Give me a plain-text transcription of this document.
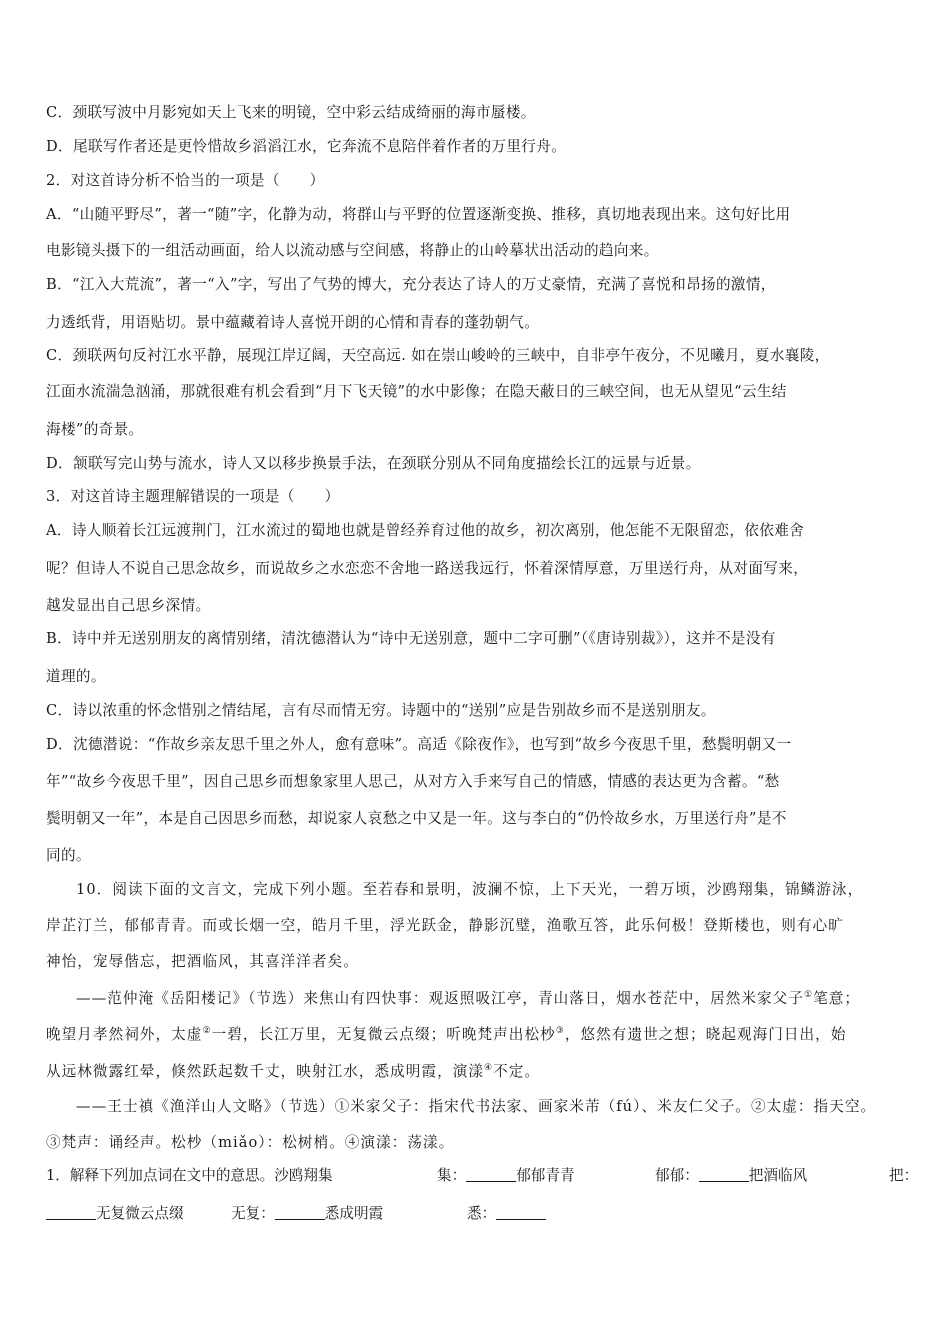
C．颈联写波中月影宛如天上飞来的明镜，空中彩云结成绮丽的海市蜃楼。
D．尾联写作者还是更怜惜故乡滔滔江水，它奔流不息陪伴着作者的万里行舟。
2．对这首诗分析不恰当的一项是（　　）
A．“山随平野尽”，著一“随”字，化静为动，将群山与平野的位置逐渐变换、推移，真切地表现出来。这句好比用
电影镜头摄下的一组活动画面，给人以流动感与空间感，将静止的山岭摹状出活动的趋向来。
B．“江入大荒流”，著一“入”字，写出了气势的博大，充分表达了诗人的万丈豪情，充满了喜悦和昂扬的激情，
力透纸背，用语贴切。景中蕴藏着诗人喜悦开朗的心情和青春的蓬勃朝气。
C．颈联两句反衬江水平静，展现江岸辽阔，天空高远. 如在崇山峻岭的三峡中，自非亭午夜分，不见曦月，夏水襄陵，
江面水流湍急汹涌，那就很难有机会看到“月下飞天镜”的水中影像；在隐天蔽日的三峡空间，也无从望见“云生结
海楼”的奇景。
D．颔联写完山势与流水，诗人又以移步换景手法，在颈联分别从不同角度描绘长江的远景与近景。
3．对这首诗主题理解错误的一项是（　　）
A．诗人顺着长江远渡荆门，江水流过的蜀地也就是曾经养育过他的故乡，初次离别，他怎能不无限留恋，依依难舍
呢？但诗人不说自己思念故乡，而说故乡之水恋恋不舍地一路送我远行，怀着深情厚意，万里送行舟，从对面写来，
越发显出自己思乡深情。
B．诗中并无送别朋友的离情别绪，清沈德潜认为“诗中无送别意，题中二字可删”（《唐诗别裁》），这并不是没有
道理的。
C．诗以浓重的怀念惜别之情结尾，言有尽而情无穷。诗题中的“送别”应是告别故乡而不是送别朋友。
D．沈德潜说：“作故乡亲友思千里之外人，愈有意味”。高适《除夜作》，也写到“故乡今夜思千里，愁鬓明朝又一
年”“故乡今夜思千里”，因自己思乡而想象家里人思己，从对方入手来写自己的情感，情感的表达更为含蓄。“愁
鬓明朝又一年”，本是自己因思乡而愁，却说家人哀愁之中又是一年。这与李白的“仍怜故乡水，万里送行舟”是不
同的。
10．阅读下面的文言文，完成下列小题。至若春和景明，波澜不惊，上下天光，一碧万顷，沙鸥翔集，锦鳞游泳，
岸芷汀兰，郁郁青青。而或长烟一空，皓月千里，浮光跃金，静影沉璧，渔歌互答，此乐何极！登斯楼也，则有心旷
神怡，宠辱偕忘，把酒临风，其喜洋洋者矣。
——范仲淹《岳阳楼记》（节选）来焦山有四快事：观返照吸江亭，青山落日，烟水苍茫中，居然米家父子①笔意；
晚望月孝然祠外，太虚②一碧，长江万里，无复微云点缀；听晚梵声出松杪③，悠然有遗世之想；晓起观海门日出，始
从远林微露红晕，倏然跃起数千丈，映射江水，悉成明霞，演漾④不定。
——王士禛《渔洋山人文略》（节选）①米家父子：指宋代书法家、画家米芾（fú）、米友仁父子。②太虚：指天空。
③梵声：诵经声。松杪（miǎo）：松树梢。④演漾：荡漾。
1．解释下列加点词在文中的意思。沙鸥翔集	集：	郁郁青青	郁郁：	把酒临风	把：
无复微云点缀	无复：	悉成明霞	悉：
